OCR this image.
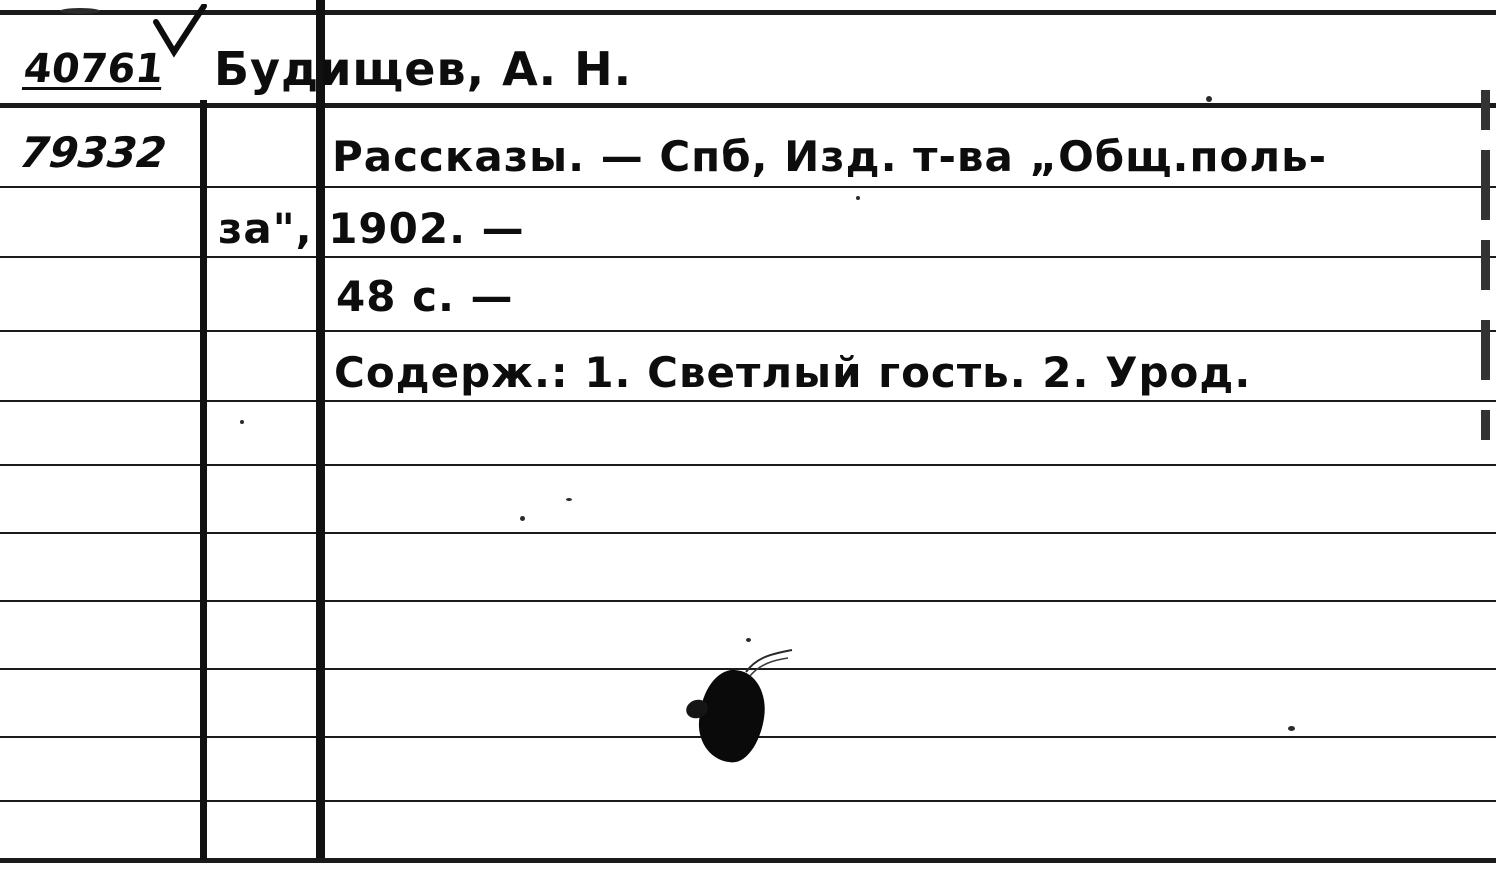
40761
79332
Будищев, А. Н.
Рассказы. — Спб, Изд. т-ва „Общ.поль-
за", 1902. —
48 с. —
Содерж.: 1. Светлый гость. 2. Урод.
